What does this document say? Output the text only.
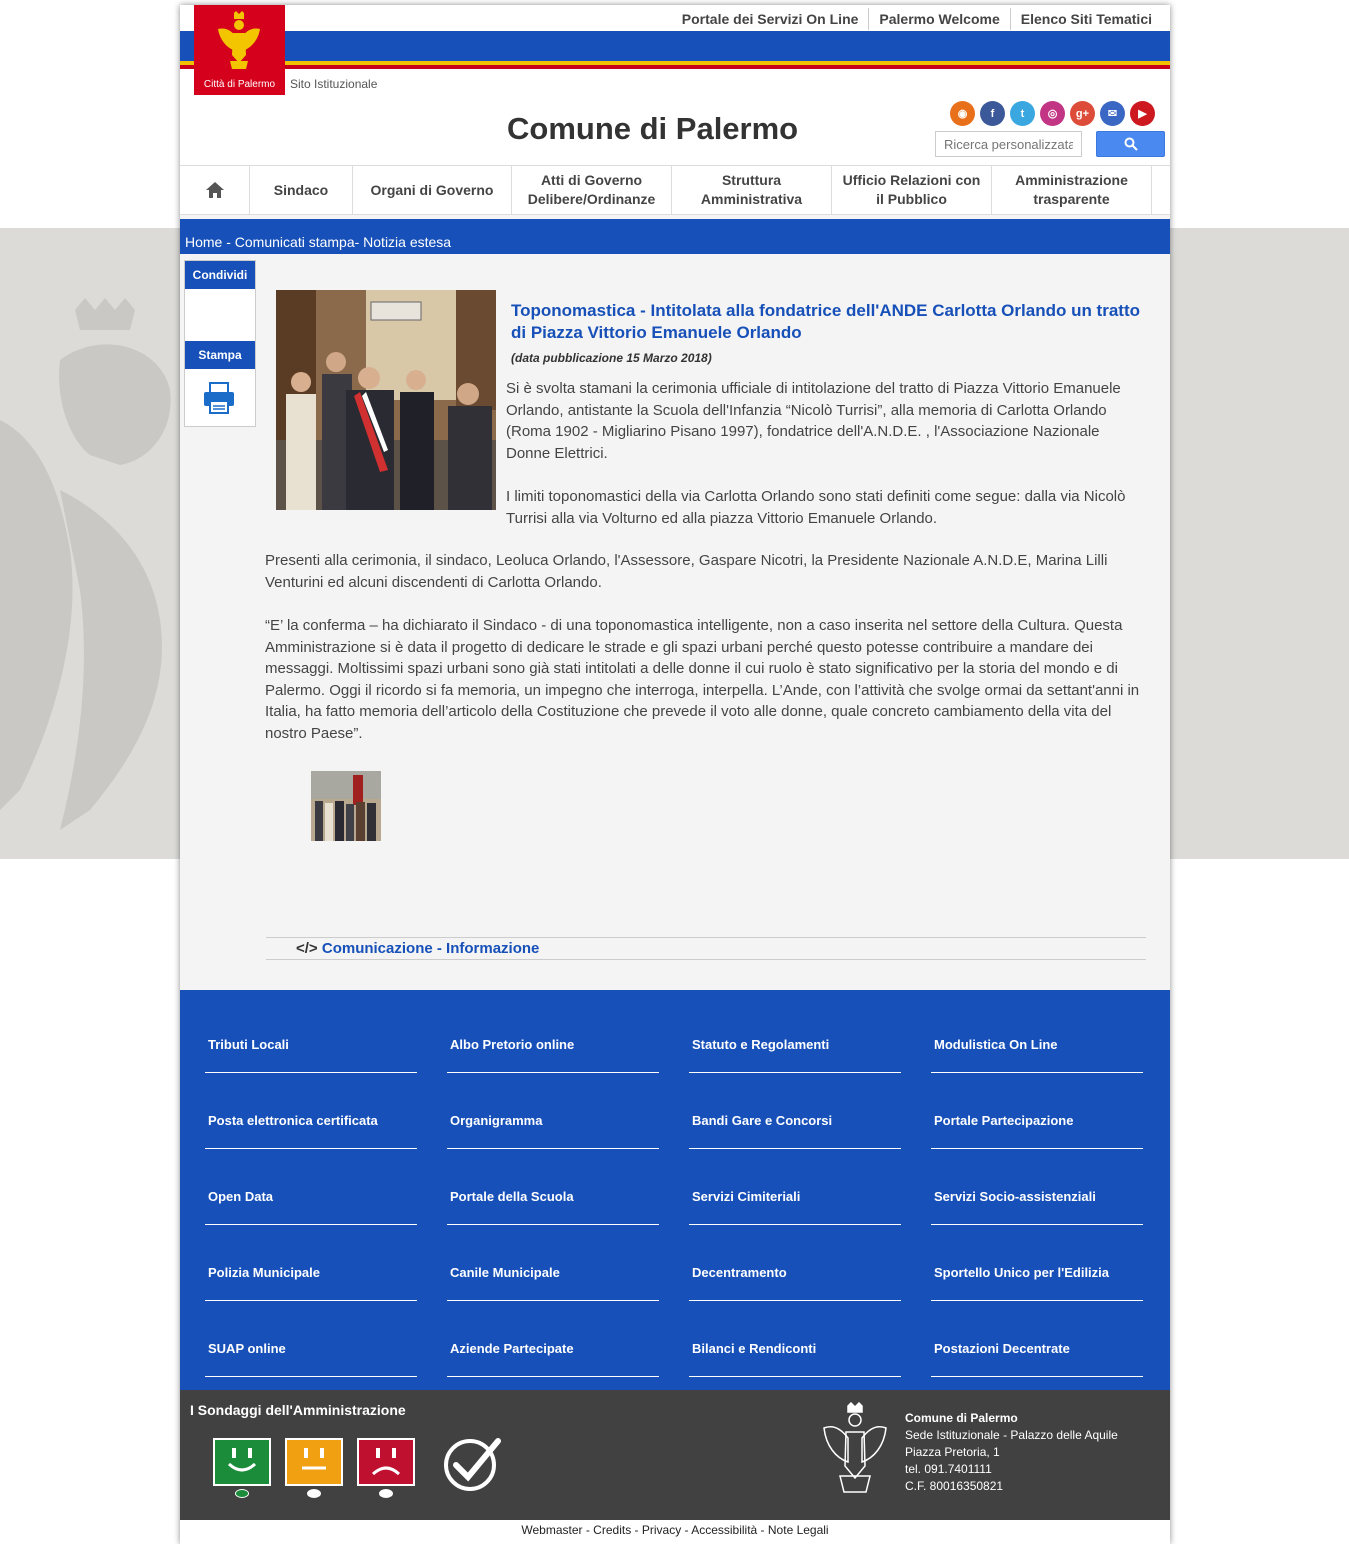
Portale dei Servizi On Line	Palermo Welcome	Elenco Siti Tematici
Città di Palermo	Sito Istituzionale
Comune di Palermo	◉	f	t	◎	g+	✉	▶
Ricerca personalizzata
Sindaco	Organi di Governo
Atti di Governo
Delibere/Ordinanze
Struttura
Amministrativa
Ufficio Relazioni con
il Pubblico
Amministrazione
trasparente
Home - Comunicati stampa- Notizia estesa
Condividi
Stampa
Toponomastica - Intitolata alla fondatrice dell'ANDE Carlotta Orlando un tratto di Piazza Vittorio Emanuele Orlando
(data pubblicazione 15 Marzo 2018)
Si è svolta stamani la cerimonia ufficiale di intitolazione del tratto di Piazza Vittorio Emanuele Orlando, antistante la Scuola dell'Infanzia “Nicolò Turrisi”, alla memoria di Carlotta Orlando (Roma 1902 - Migliarino Pisano 1997), fondatrice dell'A.N.D.E. , l'Associazione Nazionale Donne Elettrici.
I limiti toponomastici della via Carlotta Orlando sono stati definiti come segue: dalla via Nicolò Turrisi alla via Volturno ed alla piazza Vittorio Emanuele Orlando.
Presenti alla cerimonia, il sindaco, Leoluca Orlando, l'Assessore, Gaspare Nicotri, la Presidente Nazionale A.N.D.E, Marina Lilli Venturini ed alcuni discendenti di Carlotta Orlando.
“E’ la conferma – ha dichiarato il Sindaco - di una toponomastica intelligente, non a caso inserita nel settore della Cultura. Questa Amministrazione si è data il progetto di dedicare le strade e gli spazi urbani perché questo potesse contribuire a mandare dei messaggi. Moltissimi spazi urbani sono già stati intitolati a delle donne il cui ruolo è stato significativo per la storia del mondo e di Palermo. Oggi il ricordo si fa memoria, un impegno che interroga, interpella. L’Ande, con l’attività che svolge ormai da settant'anni in Italia, ha fatto memoria dell’articolo della Costituzione che prevede il voto alle donne, quale concreto cambiamento della vita del nostro Paese”.
</> Comunicazione - Informazione
Tributi Locali	Albo Pretorio online	Statuto e Regolamenti	Modulistica On Line
Posta elettronica certificata	Organigramma	Bandi Gare e Concorsi	Portale Partecipazione
Open Data	Portale della Scuola	Servizi Cimiteriali	Servizi Socio-assistenziali
Polizia Municipale	Canile Municipale	Decentramento	Sportello Unico per l'Edilizia
SUAP online	Aziende Partecipate	Bilanci e Rendiconti	Postazioni Decentrate
I Sondaggi dell'Amministrazione	Comune di Palermo
Sede Istituzionale - Palazzo delle Aquile
Piazza Pretoria, 1
tel. 091.7401111
C.F. 80016350821
Webmaster - Credits - Privacy - Accessibilità - Note Legali
